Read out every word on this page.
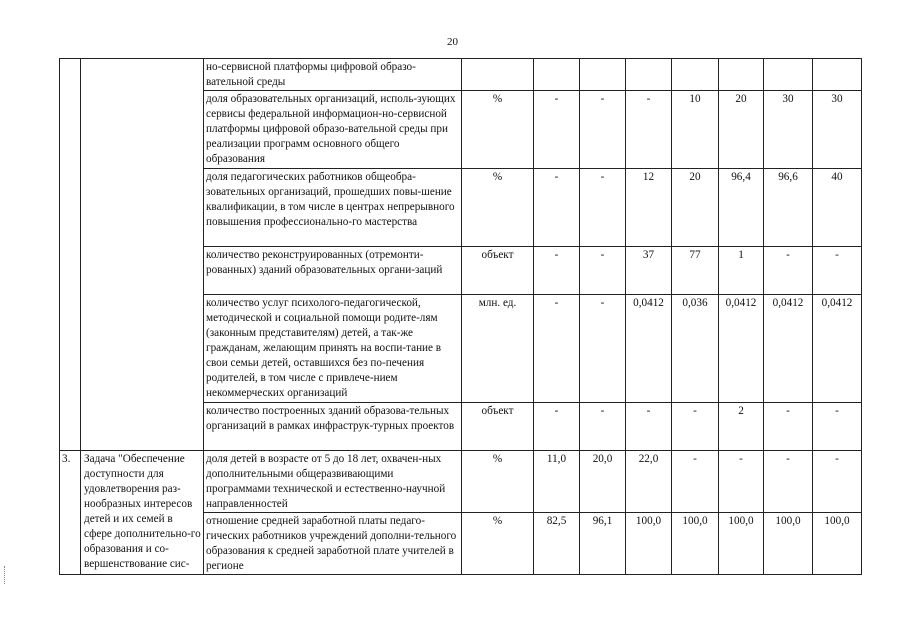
20
		но-сервисной платформы цифровой образо-вательной среды								
		доля образовательных организаций, исполь-зующих сервисы федеральной информацион-но-сервисной платформы цифровой образо-вательной среды при реализации программ основного общего образования	%	-	-	-	10	20	30	30
		доля педагогических работников общеобра-зовательных организаций, прошедших повы-шение квалификации, в том числе в центрах непрерывного повышения профессионально-го мастерства	%	-	-	12	20	96,4	96,6	40
		количество реконструированных (отремонти-рованных) зданий образовательных органи-заций	объект	-	-	37	77	1	-	-
		количество услуг психолого-педагогической, методической и социальной помощи родите-лям (законным представителям) детей, а так-же гражданам, желающим принять на воспи-тание в свои семьи детей, оставшихся без по-печения родителей, в том числе с привлече-нием некоммерческих организаций	млн. ед.	-	-	0,0412	0,036	0,0412	0,0412	0,0412
		количество построенных зданий образова-тельных организаций в рамках инфраструк-турных проектов	объект	-	-	-	-	2	-	-
3.	Задача "Обеспечение доступности для удовлетворения раз-нообразных интересов детей и их семей в сфере дополнительно-го образования и со-вершенствование сис-	доля детей в возрасте от 5 до 18 лет, охвачен-ных дополнительными общеразвивающими программами технической и естественно-научной направленностей	%	11,0	20,0	22,0	-	-	-	-
		отношение средней заработной платы педаго-гических работников учреждений дополни-тельного образования к средней заработной плате учителей в регионе	%	82,5	96,1	100,0	100,0	100,0	100,0	100,0
